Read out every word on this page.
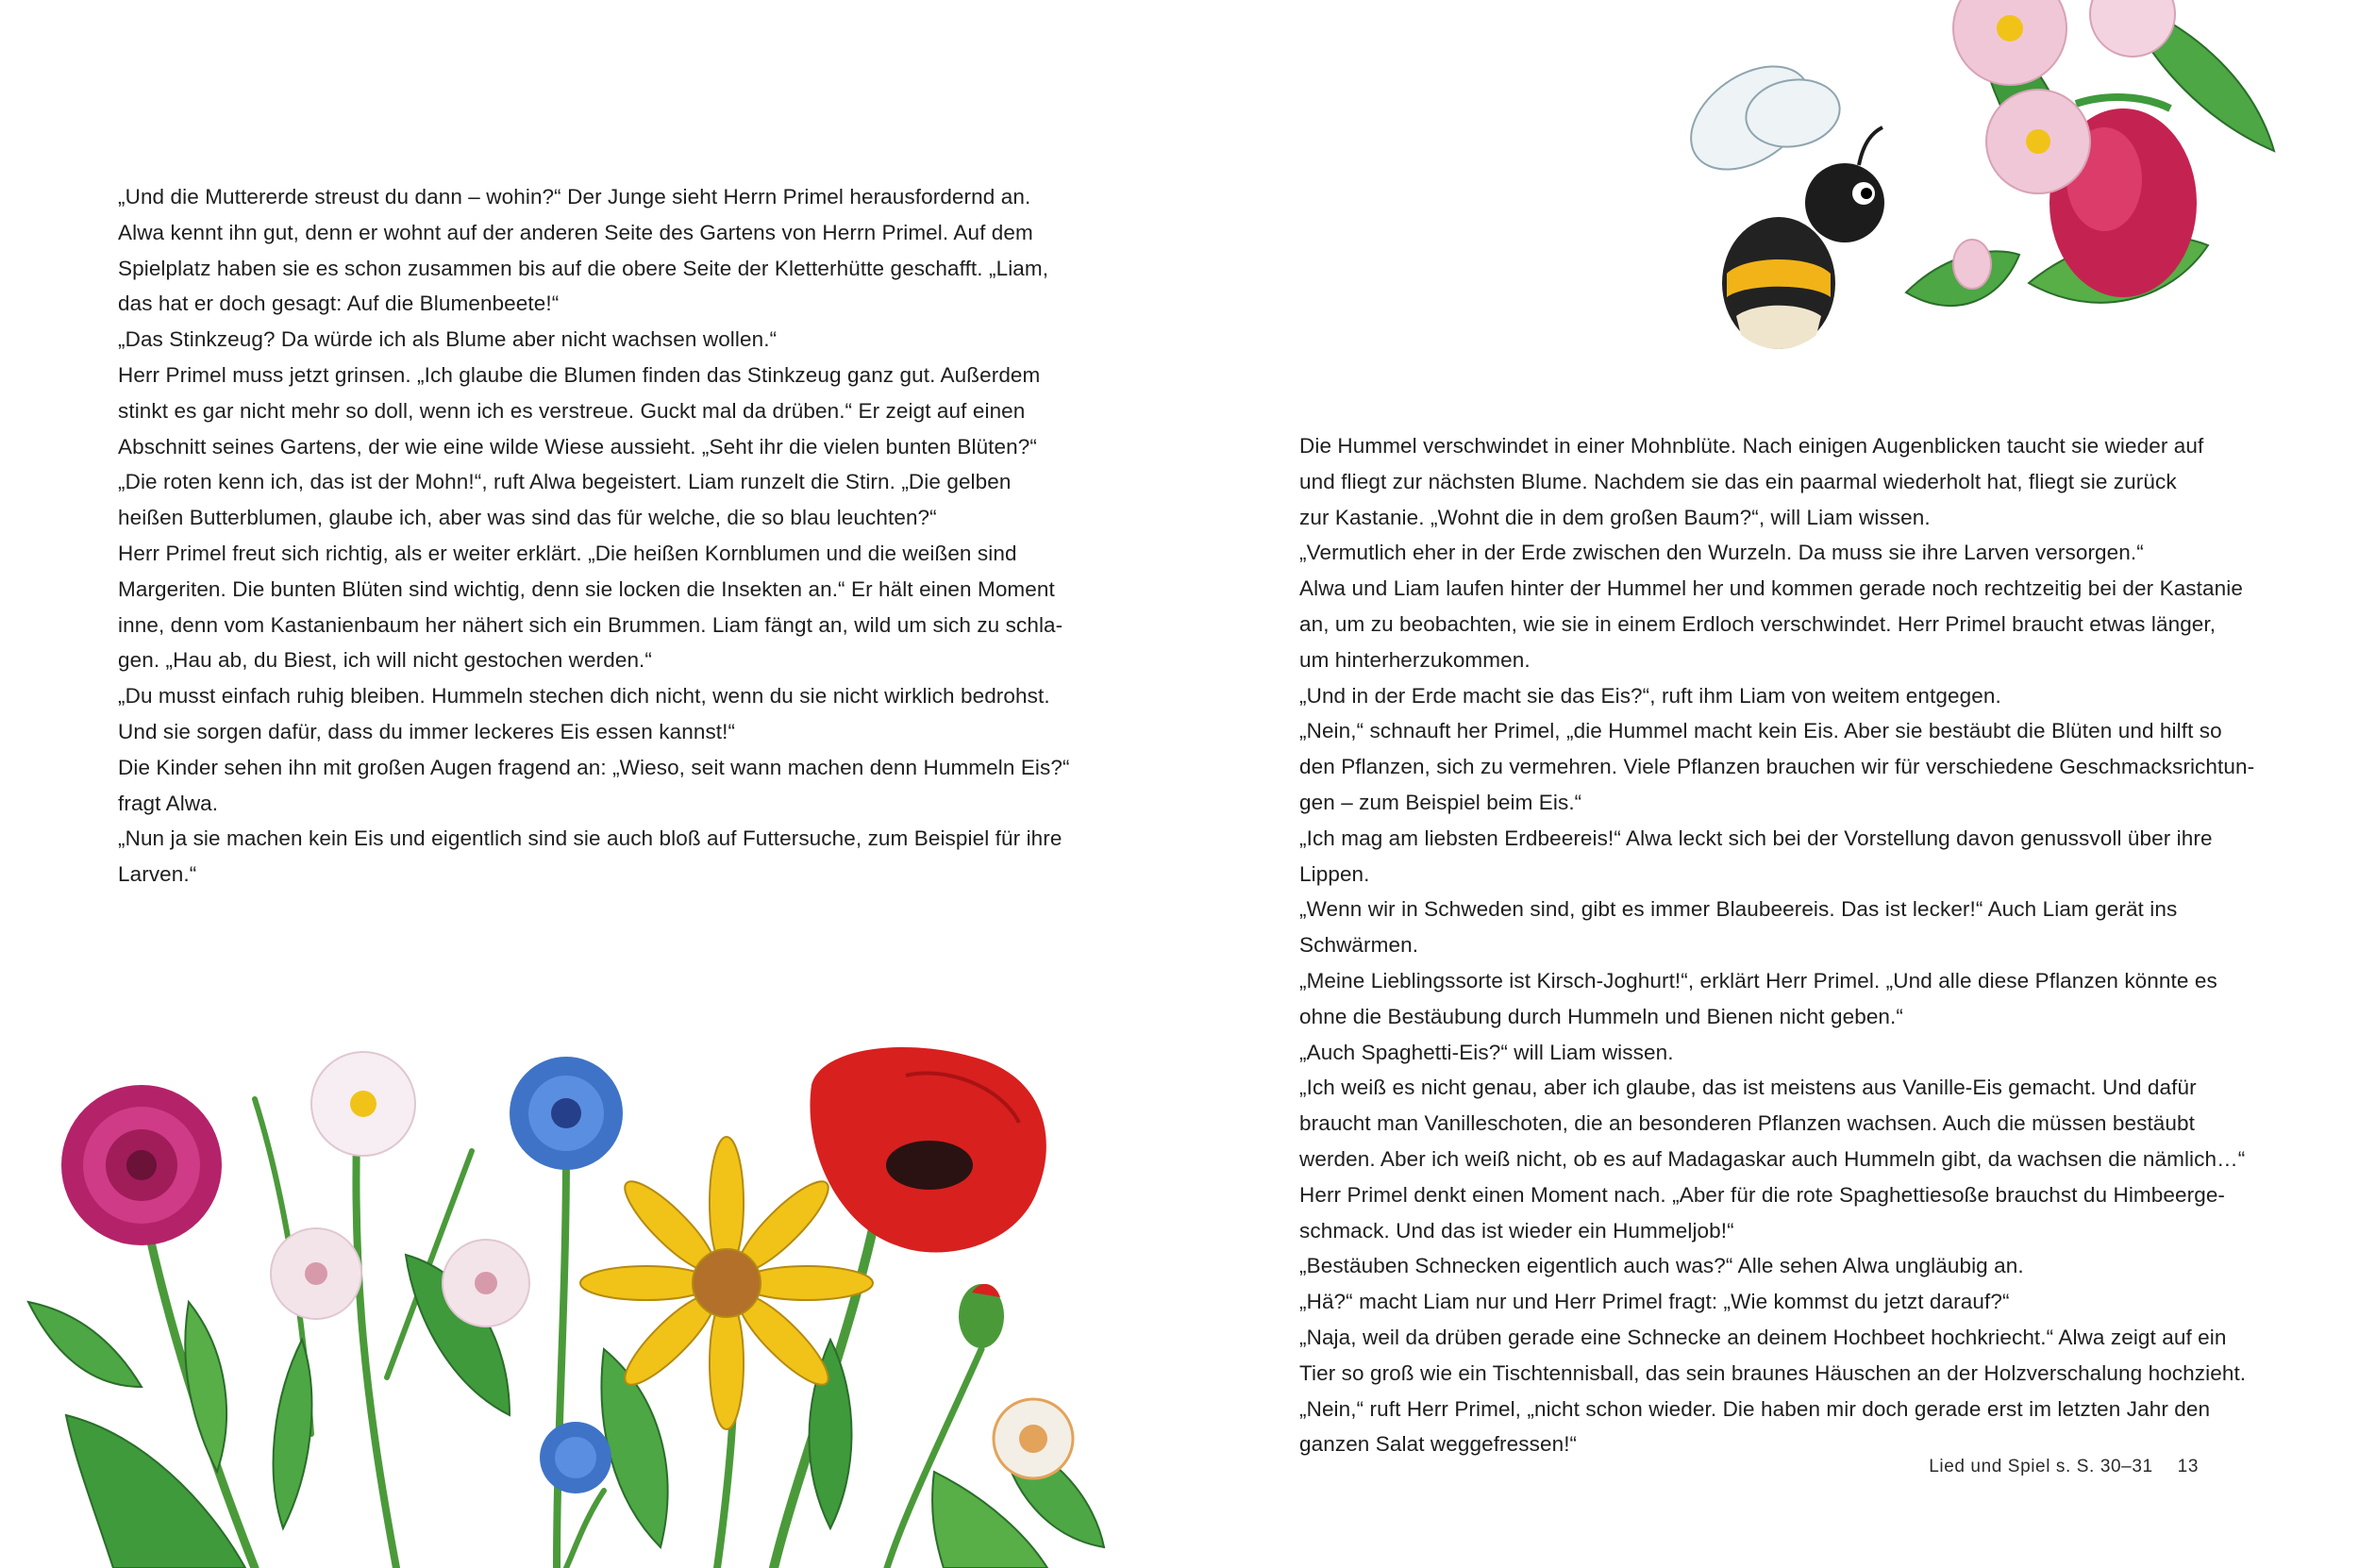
„Und die Muttererde streust du dann – wohin?“ Der Junge sieht Herrn Primel herausfordernd an.

Alwa kennt ihn gut, denn er wohnt auf der anderen Seite des Gartens von Herrn Primel. Auf dem

Spielplatz haben sie es schon zusammen bis auf die obere Seite der Kletterhütte geschafft. „Liam,

das hat er doch gesagt: Auf die Blumenbeete!“

„Das Stinkzeug? Da würde ich als Blume aber nicht wachsen wollen.“

Herr Primel muss jetzt grinsen. „Ich glaube die Blumen finden das Stinkzeug ganz gut. Außerdem

stinkt es gar nicht mehr so doll, wenn ich es verstreue. Guckt mal da drüben.“ Er zeigt auf einen

Abschnitt seines Gartens, der wie eine wilde Wiese aussieht. „Seht ihr die vielen bunten Blüten?“

„Die roten kenn ich, das ist der Mohn!“, ruft Alwa begeistert. Liam runzelt die Stirn. „Die gelben

heißen Butterblumen, glaube ich, aber was sind das für welche, die so blau leuchten?“

Herr Primel freut sich richtig, als er weiter erklärt. „Die heißen Kornblumen und die weißen sind

Margeriten. Die bunten Blüten sind wichtig, denn sie locken die Insekten an.“ Er hält einen Moment

inne, denn vom Kastanienbaum her nähert sich ein Brummen. Liam fängt an, wild um sich zu schla-

gen. „Hau ab, du Biest, ich will nicht gestochen werden.“

„Du musst einfach ruhig bleiben. Hummeln stechen dich nicht, wenn du sie nicht wirklich bedrohst.

Und sie sorgen dafür, dass du immer leckeres Eis essen kannst!“

Die Kinder sehen ihn mit großen Augen fragend an: „Wieso, seit wann machen denn Hummeln Eis?“

fragt Alwa.

„Nun ja sie machen kein Eis und eigentlich sind sie auch bloß auf Futtersuche, zum Beispiel für ihre

Larven.“

Die Hummel verschwindet in einer Mohnblüte. Nach einigen Augenblicken taucht sie wieder auf

und fliegt zur nächsten Blume. Nachdem sie das ein paarmal wiederholt hat, fliegt sie zurück

zur Kastanie. „Wohnt die in dem großen Baum?“, will Liam wissen.

„Vermutlich eher in der Erde zwischen den Wurzeln. Da muss sie ihre Larven versorgen.“

Alwa und Liam laufen hinter der Hummel her und kommen gerade noch rechtzeitig bei der Kastanie

an, um zu beobachten, wie sie in einem Erdloch verschwindet. Herr Primel braucht etwas länger,

um hinterherzukommen.

„Und in der Erde macht sie das Eis?“, ruft ihm Liam von weitem entgegen.

„Nein,“ schnauft her Primel, „die Hummel macht kein Eis. Aber sie bestäubt die Blüten und hilft so

den Pflanzen, sich zu vermehren. Viele Pflanzen brauchen wir für verschiedene Geschmacksrichtun-

gen – zum Beispiel beim Eis.“

„Ich mag am liebsten Erdbeereis!“ Alwa leckt sich bei der Vorstellung davon genussvoll über ihre

Lippen.

„Wenn wir in Schweden sind, gibt es immer Blaubeereis. Das ist lecker!“ Auch Liam gerät ins

Schwärmen.

„Meine Lieblingssorte ist Kirsch-Joghurt!“, erklärt Herr Primel. „Und alle diese Pflanzen könnte es

ohne die Bestäubung durch Hummeln und Bienen nicht geben.“

„Auch Spaghetti-Eis?“ will Liam wissen.

„Ich weiß es nicht genau, aber ich glaube, das ist meistens aus Vanille-Eis gemacht. Und dafür

braucht man Vanilleschoten, die an besonderen Pflanzen wachsen. Auch die müssen bestäubt

werden. Aber ich weiß nicht, ob es auf Madagaskar auch Hummeln gibt, da wachsen die nämlich…“

Herr Primel denkt einen Moment nach. „Aber für die rote Spaghettiesoße brauchst du Himbeerge-

schmack. Und das ist wieder ein Hummeljob!“

„Bestäuben Schnecken eigentlich auch was?“ Alle sehen Alwa ungläubig an.

„Hä?“ macht Liam nur und Herr Primel fragt: „Wie kommst du jetzt darauf?“

„Naja, weil da drüben gerade eine Schnecke an deinem Hochbeet hochkriecht.“ Alwa zeigt auf ein

Tier so groß wie ein Tischtennisball, das sein braunes Häuschen an der Holzverschalung hochzieht.

„Nein,“ ruft Herr Primel, „nicht schon wieder. Die haben mir doch gerade erst im letzten Jahr den

ganzen Salat weggefressen!“

Lied und Spiel s. S. 30–31 13
